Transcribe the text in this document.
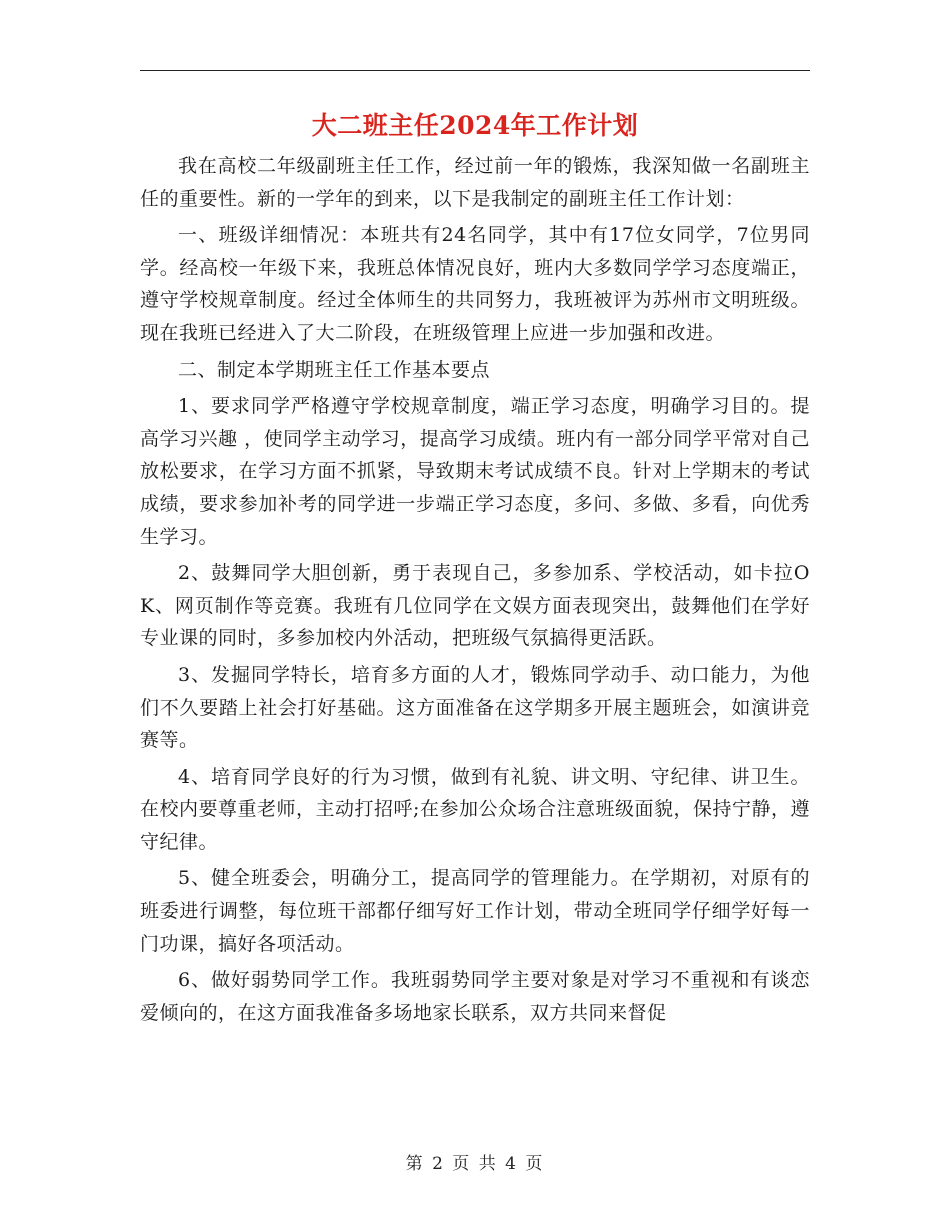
大二班主任2024年工作计划

我在高校二年级副班主任工作，经过前一年的锻炼，我深知做一名副班主任的重要性。新的一学年的到来，以下是我制定的副班主任工作计划：

一、班级详细情况：本班共有24名同学，其中有17位女同学，7位男同学。经高校一年级下来，我班总体情况良好，班内大多数同学学习态度端正，遵守学校规章制度。经过全体师生的共同努力，我班被评为苏州市文明班级。现在我班已经进入了大二阶段，在班级管理上应进一步加强和改进。

二、制定本学期班主任工作基本要点

1、要求同学严格遵守学校规章制度，端正学习态度，明确学习目的。提高学习兴趣 ，使同学主动学习，提高学习成绩。班内有一部分同学平常对自己放松要求，在学习方面不抓紧，导致期末考试成绩不良。针对上学期末的考试成绩，要求参加补考的同学进一步端正学习态度，多问、多做、多看，向优秀生学习。

2、鼓舞同学大胆创新，勇于表现自己，多参加系、学校活动，如卡拉OK、网页制作等竞赛。我班有几位同学在文娱方面表现突出，鼓舞他们在学好专业课的同时，多参加校内外活动，把班级气氛搞得更活跃。

3、发掘同学特长，培育多方面的人才，锻炼同学动手、动口能力，为他们不久要踏上社会打好基础。这方面准备在这学期多开展主题班会，如演讲竞赛等。

4、培育同学良好的行为习惯，做到有礼貌、讲文明、守纪律、讲卫生。在校内要尊重老师，主动打招呼;在参加公众场合注意班级面貌，保持宁静，遵守纪律。

5、健全班委会，明确分工，提高同学的管理能力。在学期初，对原有的班委进行调整，每位班干部都仔细写好工作计划，带动全班同学仔细学好每一门功课，搞好各项活动。

6、做好弱势同学工作。我班弱势同学主要对象是对学习不重视和有谈恋爱倾向的，在这方面我准备多场地家长联系，双方共同来督促

第 2 页 共 4 页
